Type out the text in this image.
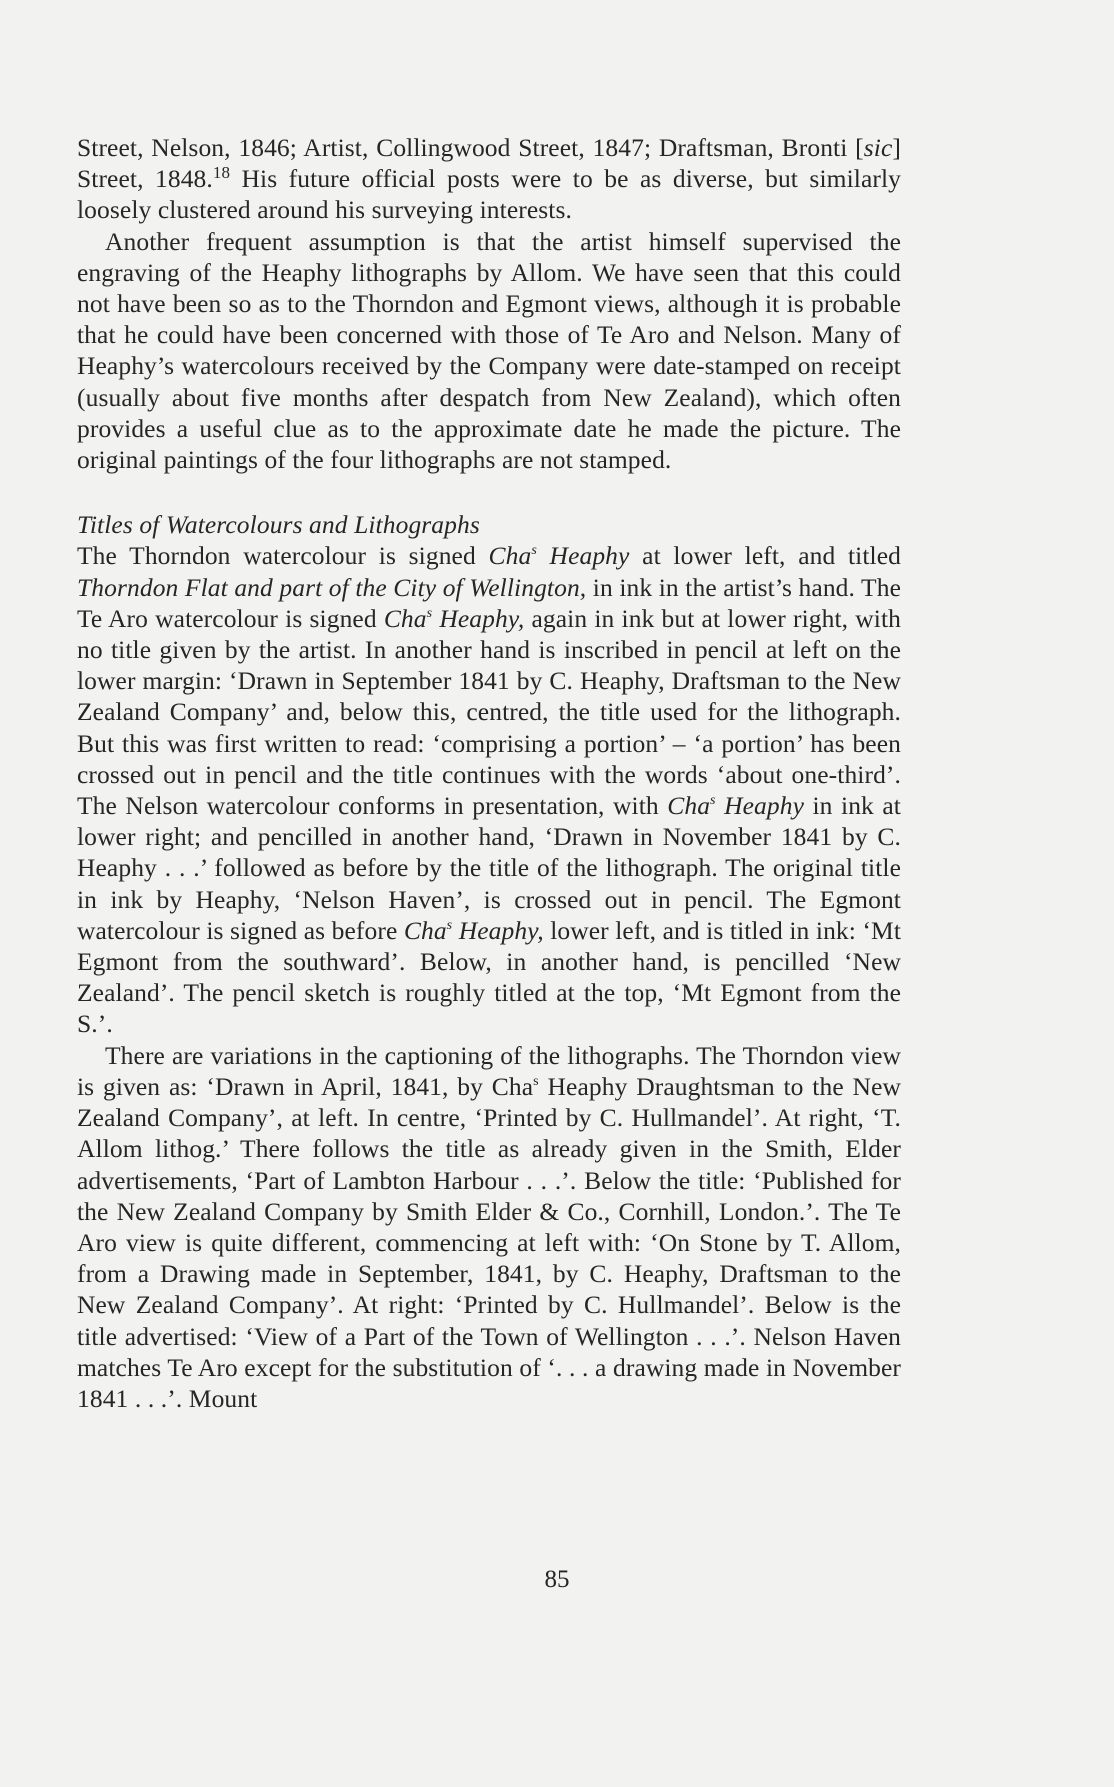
Street, Nelson, 1846; Artist, Collingwood Street, 1847; Draftsman, Bronti [sic] Street, 1848.18 His future official posts were to be as diverse, but similarly loosely clustered around his surveying interests.

Another frequent assumption is that the artist himself supervised the engraving of the Heaphy lithographs by Allom. We have seen that this could not have been so as to the Thorndon and Egmont views, although it is probable that he could have been concerned with those of Te Aro and Nelson. Many of Heaphy’s watercolours received by the Company were date-stamped on receipt (usually about five months after despatch from New Zealand), which often provides a useful clue as to the approximate date he made the picture. The original paintings of the four lithographs are not stamped.

Titles of Watercolours and Lithographs

The Thorndon watercolour is signed Cha$^s$ Heaphy at lower left, and titled Thorndon Flat and part of the City of Wellington, in ink in the artist’s hand. The Te Aro watercolour is signed Cha$^s$ Heaphy, again in ink but at lower right, with no title given by the artist. In another hand is inscribed in pencil at left on the lower margin: ‘Drawn in September 1841 by C. Heaphy, Draftsman to the New Zealand Company’ and, below this, centred, the title used for the lithograph. But this was first written to read: ‘comprising a portion’ – ‘a portion’ has been crossed out in pencil and the title continues with the words ‘about one-third’. The Nelson watercolour conforms in presentation, with Cha$^s$ Heaphy in ink at lower right; and pencilled in another hand, ‘Drawn in November 1841 by C. Heaphy . . .’ followed as before by the title of the lithograph. The original title in ink by Heaphy, ‘Nelson Haven’, is crossed out in pencil. The Egmont watercolour is signed as before Cha$^s$ Heaphy, lower left, and is titled in ink: ‘Mt Egmont from the southward’. Below, in another hand, is pencilled ‘New Zealand’. The pencil sketch is roughly titled at the top, ‘Mt Egmont from the S.’.

There are variations in the captioning of the lithographs. The Thorndon view is given as: ‘Drawn in April, 1841, by Cha$^s$ Heaphy Draughtsman to the New Zealand Company’, at left. In centre, ‘Printed by C. Hullmandel’. At right, ‘T. Allom lithog.’ There follows the title as already given in the Smith, Elder advertisements, ‘Part of Lambton Harbour . . .’. Below the title: ‘Published for the New Zealand Company by Smith Elder & Co., Cornhill, London.’. The Te Aro view is quite different, commencing at left with: ‘On Stone by T. Allom, from a Drawing made in September, 1841, by C. Heaphy, Draftsman to the New Zealand Company’. At right: ‘Printed by C. Hullmandel’. Below is the title advertised: ‘View of a Part of the Town of Wellington . . .’. Nelson Haven matches Te Aro except for the substitution of ‘. . . a drawing made in November 1841 . . .’. Mount

85
